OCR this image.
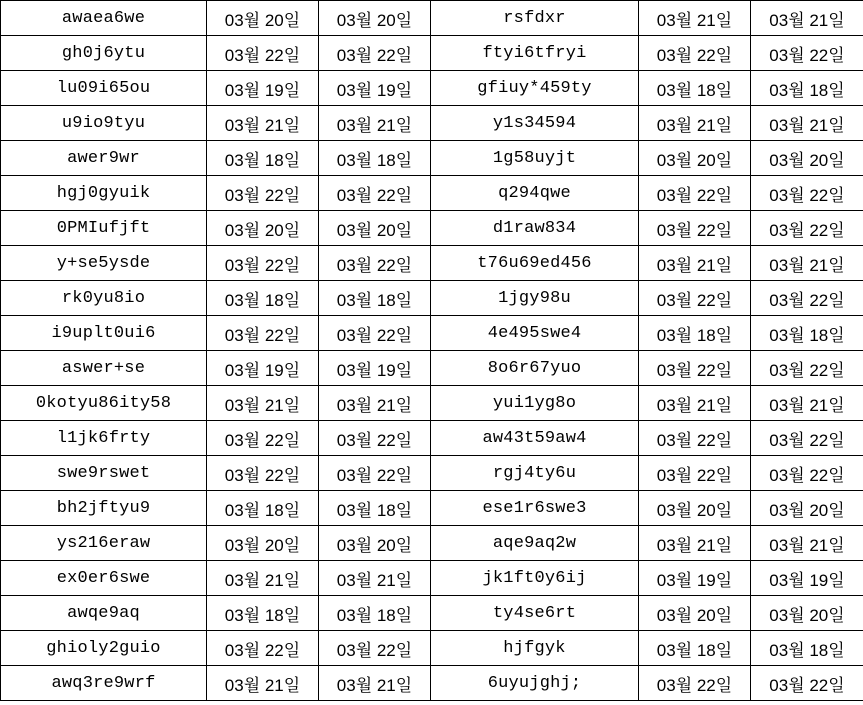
awaea6we	03월 20일	03월 20일	rsfdxr	03월 21일	03월 21일
gh0j6ytu	03월 22일	03월 22일	ftyi6tfryi	03월 22일	03월 22일
lu09i65ou	03월 19일	03월 19일	gfiuy*459ty	03월 18일	03월 18일
u9io9tyu	03월 21일	03월 21일	y1s34594	03월 21일	03월 21일
awer9wr	03월 18일	03월 18일	1g58uyjt	03월 20일	03월 20일
hgj0gyuik	03월 22일	03월 22일	q294qwe	03월 22일	03월 22일
0PMIufjft	03월 20일	03월 20일	d1raw834	03월 22일	03월 22일
y+se5ysde	03월 22일	03월 22일	t76u69ed456	03월 21일	03월 21일
rk0yu8io	03월 18일	03월 18일	1jgy98u	03월 22일	03월 22일
i9uplt0ui6	03월 22일	03월 22일	4e495swe4	03월 18일	03월 18일
aswer+se	03월 19일	03월 19일	8o6r67yuo	03월 22일	03월 22일
0kotyu86ity58	03월 21일	03월 21일	yui1yg8o	03월 21일	03월 21일
l1jk6frty	03월 22일	03월 22일	aw43t59aw4	03월 22일	03월 22일
swe9rswet	03월 22일	03월 22일	rgj4ty6u	03월 22일	03월 22일
bh2jftyu9	03월 18일	03월 18일	ese1r6swe3	03월 20일	03월 20일
ys216eraw	03월 20일	03월 20일	aqe9aq2w	03월 21일	03월 21일
ex0er6swe	03월 21일	03월 21일	jk1ft0y6ij	03월 19일	03월 19일
awqe9aq	03월 18일	03월 18일	ty4se6rt	03월 20일	03월 20일
ghioly2guio	03월 22일	03월 22일	hjfgyk	03월 18일	03월 18일
awq3re9wrf	03월 21일	03월 21일	6uyujghj;	03월 22일	03월 22일
